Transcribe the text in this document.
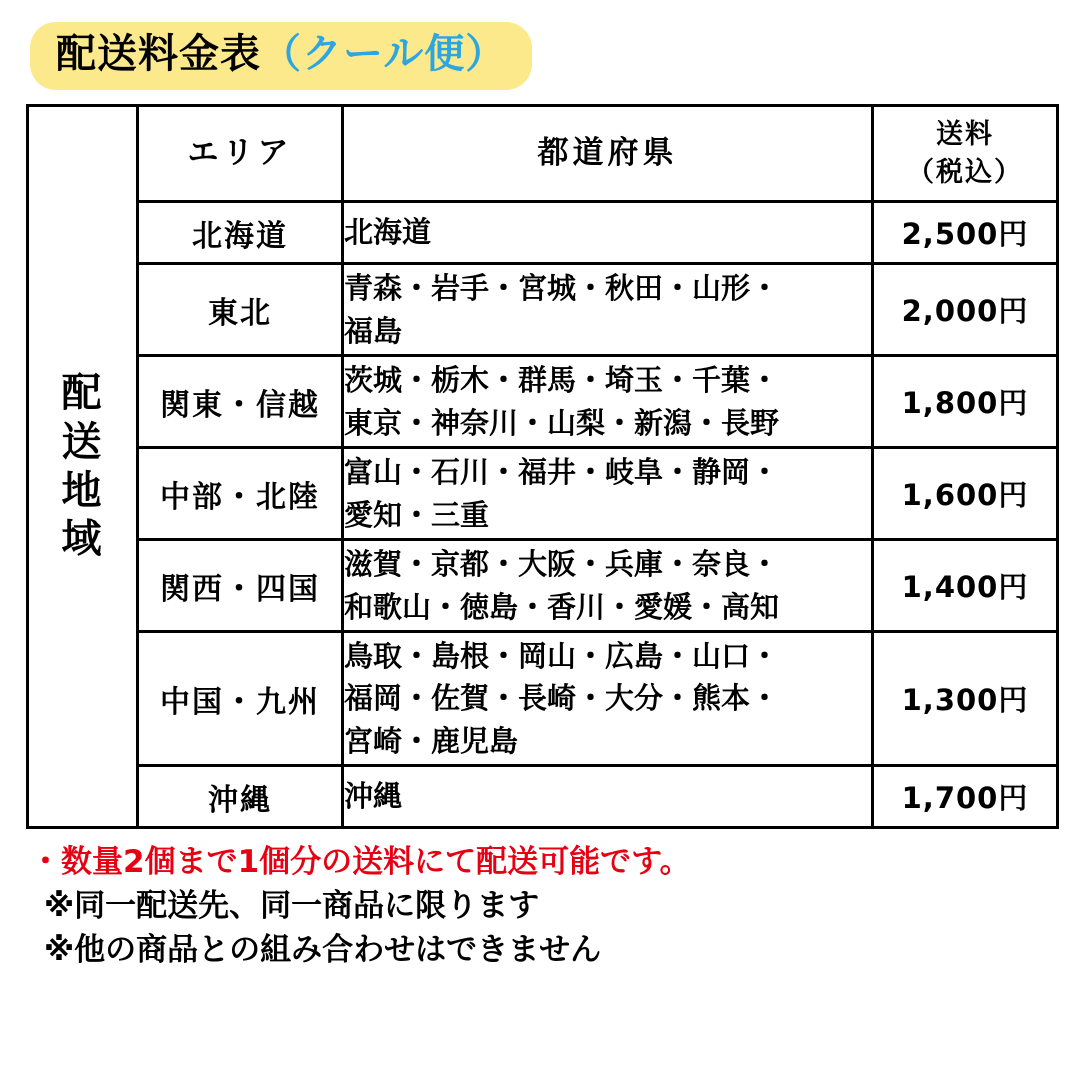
配送料金表（クール便）
配
送
地
域	エリア	都道府県	送料
（税込）
	北海道	北海道	2,500円
	東北	青森・岩手・宮城・秋田・山形・
福島	2,000円
	関東・信越	茨城・栃木・群馬・埼玉・千葉・
東京・神奈川・山梨・新潟・長野	1,800円
	中部・北陸	富山・石川・福井・岐阜・静岡・
愛知・三重	1,600円
	関西・四国	滋賀・京都・大阪・兵庫・奈良・
和歌山・徳島・香川・愛媛・高知	1,400円
	中国・九州	鳥取・島根・岡山・広島・山口・
福岡・佐賀・長崎・大分・熊本・
宮崎・鹿児島	1,300円
	沖縄	沖縄	1,700円
・数量2個まで1個分の送料にて配送可能です。
※同一配送先、同一商品に限ります
※他の商品との組み合わせはできません
